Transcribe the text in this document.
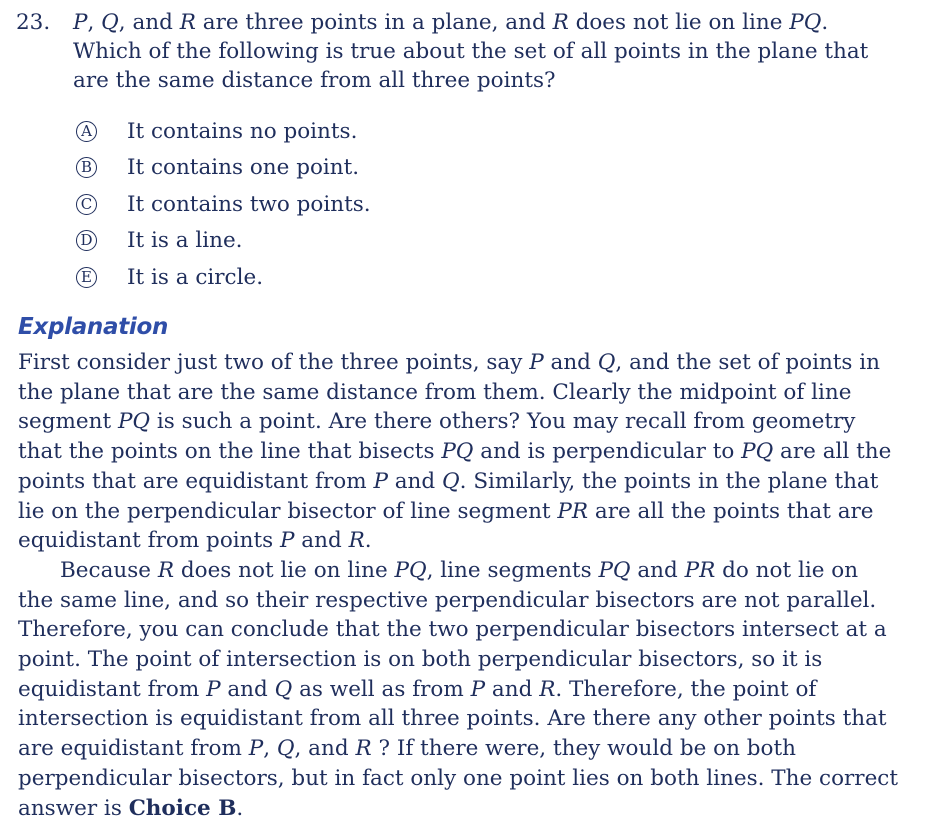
23. P, Q, and R are three points in a plane, and R does not lie on line PQ.
Which of the following is true about the set of all points in the plane that
are the same distance from all three points?
A It contains no points.
B It contains one point.
C It contains two points.
D It is a line.
E It is a circle.
Explanation

First consider just two of the three points, say P and Q, and the set of points in
the plane that are the same distance from them. Clearly the midpoint of line
segment PQ is such a point. Are there others? You may recall from geometry
that the points on the line that bisects PQ and is perpendicular to PQ are all the
points that are equidistant from P and Q. Similarly, the points in the plane that
lie on the perpendicular bisector of line segment PR are all the points that are
equidistant from points P and R.

Because R does not lie on line PQ, line segments PQ and PR do not lie on
the same line, and so their respective perpendicular bisectors are not parallel.
Therefore, you can conclude that the two perpendicular bisectors intersect at a
point. The point of intersection is on both perpendicular bisectors, so it is
equidistant from P and Q as well as from P and R. Therefore, the point of
intersection is equidistant from all three points. Are there any other points that
are equidistant from P, Q, and R ? If there were, they would be on both
perpendicular bisectors, but in fact only one point lies on both lines. The correct
answer is Choice B.
